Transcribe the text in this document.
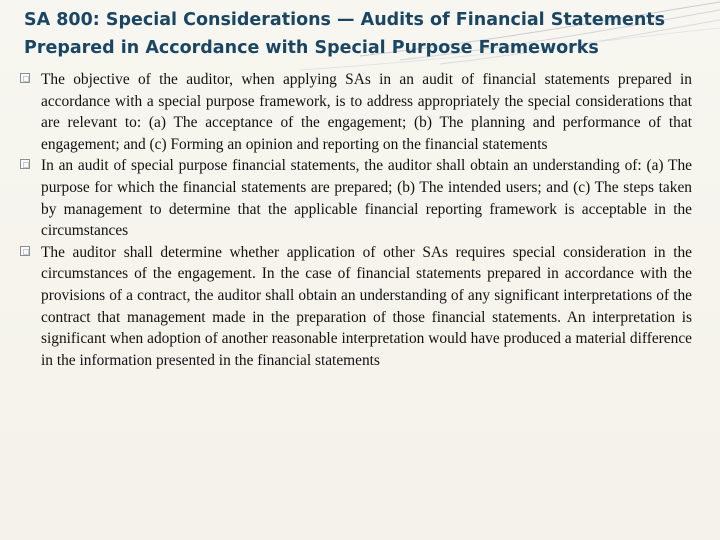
SA 800: Special Considerations — Audits of Financial Statements
Prepared in Accordance with Special Purpose Frameworks
The objective of the auditor, when applying SAs in an audit of financial statements prepared in accordance with a special purpose framework, is to address appropriately the special considerations that are relevant to: (a) The acceptance of the engagement; (b) The planning and performance of that engagement; and (c) Forming an opinion and reporting on the financial statements
In an audit of special purpose financial statements, the auditor shall obtain an understanding of: (a) The purpose for which the financial statements are prepared; (b) The intended users; and (c) The steps taken by management to determine that the applicable financial reporting framework is acceptable in the circumstances
The auditor shall determine whether application of other SAs requires special consideration in the circumstances of the engagement. In the case of financial statements prepared in accordance with the provisions of a contract, the auditor shall obtain an understanding of any significant interpretations of the contract that management made in the preparation of those financial statements. An interpretation is significant when adoption of another reasonable interpretation would have produced a material difference in the information presented in the financial statements
